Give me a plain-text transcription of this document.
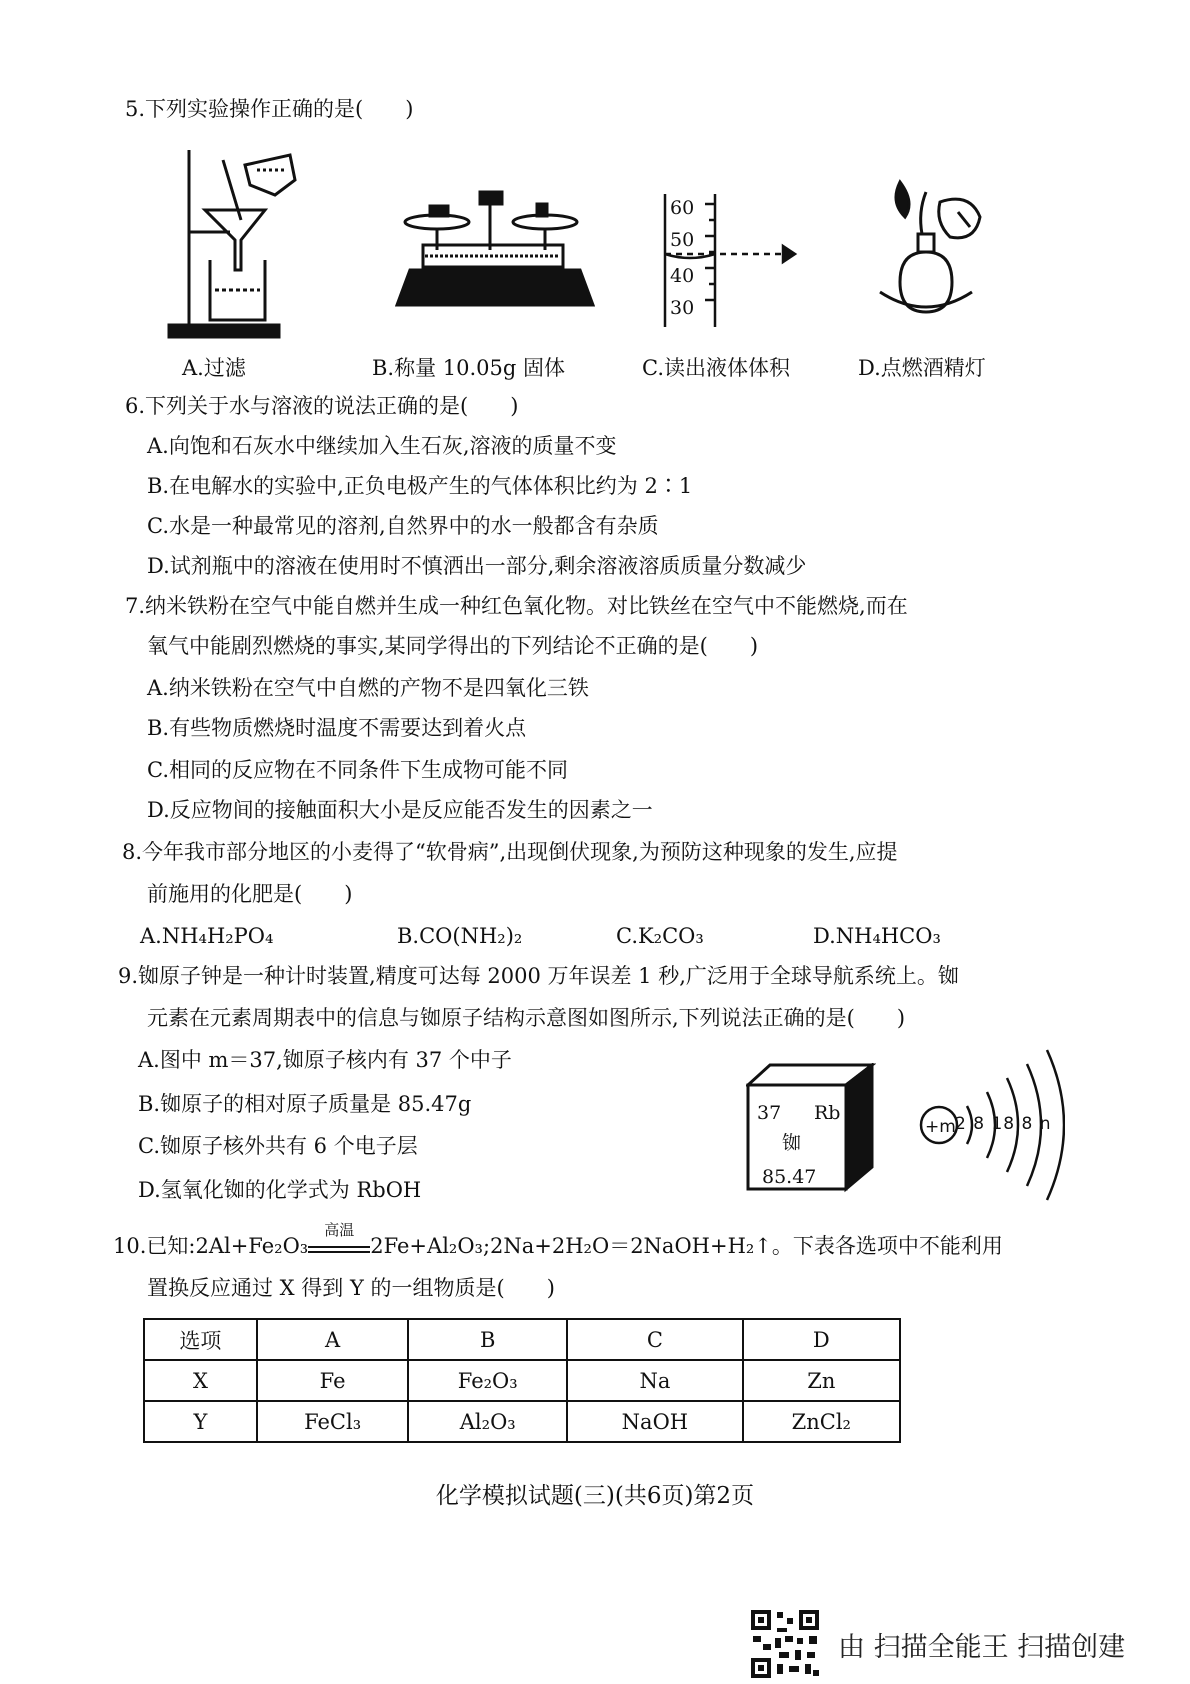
5.下列实验操作正确的是(　　)
60
50
40
30
A.过滤	B.称量 10.05g 固体	C.读出液体体积	D.点燃酒精灯
6.下列关于水与溶液的说法正确的是(　　)
A.向饱和石灰水中继续加入生石灰,溶液的质量不变
B.在电解水的实验中,正负电极产生的气体体积比约为 2∶1
C.水是一种最常见的溶剂,自然界中的水一般都含有杂质
D.试剂瓶中的溶液在使用时不慎洒出一部分,剩余溶液溶质质量分数减少
7.纳米铁粉在空气中能自燃并生成一种红色氧化物。对比铁丝在空气中不能燃烧,而在
氧气中能剧烈燃烧的事实,某同学得出的下列结论不正确的是(　　)
A.纳米铁粉在空气中自燃的产物不是四氧化三铁
B.有些物质燃烧时温度不需要达到着火点
C.相同的反应物在不同条件下生成物可能不同
D.反应物间的接触面积大小是反应能否发生的因素之一
8.今年我市部分地区的小麦得了“软骨病”,出现倒伏现象,为预防这种现象的发生,应提
前施用的化肥是(　　)
A.NH₄H₂PO₄	B.CO(NH₂)₂	C.K₂CO₃	D.NH₄HCO₃
9.铷原子钟是一种计时装置,精度可达每 2000 万年误差 1 秒,广泛用于全球导航系统上。铷
元素在元素周期表中的信息与铷原子结构示意图如图所示,下列说法正确的是(　　)
A.图中 m＝37,铷原子核内有 37 个中子
B.铷原子的相对原子质量是 85.47g
C.铷原子核外共有 6 个电子层
D.氢氧化铷的化学式为 RbOH
37 Rb
铷
85.47
+m 2 8 18 8 n
10.已知:2Al+Fe₂O₃
高温
2Fe+Al₂O₃;2Na+2H₂O＝2NaOH+H₂↑。下表各选项中不能利用
置换反应通过 X 得到 Y 的一组物质是(　　)
选项	A	B	C	D
X	Fe	Fe₂O₃	Na	Zn
Y	FeCl₃	Al₂O₃	NaOH	ZnCl₂
化学模拟试题(三)(共6页)第2页
由 扫描全能王 扫描创建
